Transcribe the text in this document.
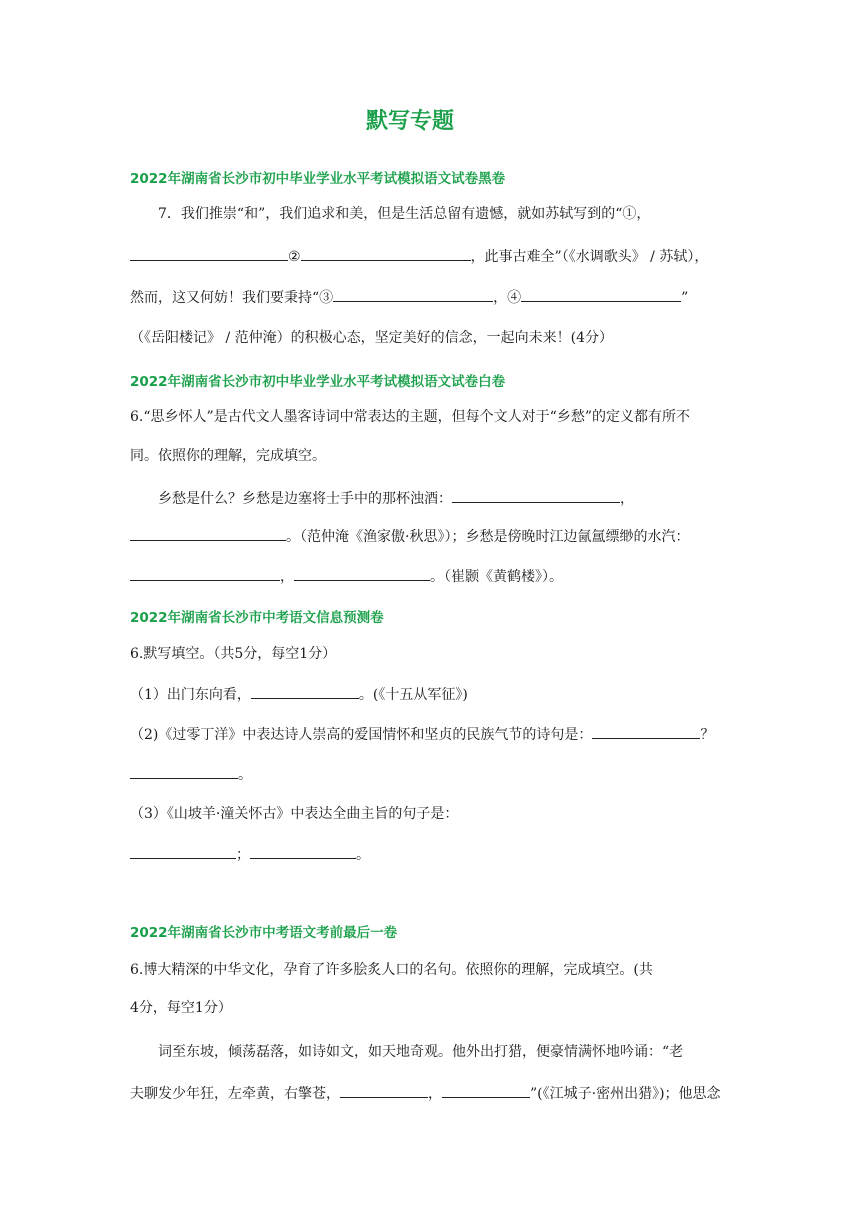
默写专题
2022年湖南省长沙市初中毕业学业水平考试模拟语文试卷黑卷
7．我们推崇“和”，我们追求和美，但是生活总留有遗憾，就如苏轼写到的“①，
②	，此事古难全”（《水调歌头》 / 苏轼），
然而，这又何妨！我们要秉持“③	，④	”
（《岳阳楼记》 / 范仲淹）的积极心态，坚定美好的信念，一起向未来！(4分）
2022年湖南省长沙市初中毕业学业水平考试模拟语文试卷白卷
6.“思乡怀人”是古代文人墨客诗词中常表达的主题，但每个文人对于“乡愁”的定义都有所不
同。依照你的理解，完成填空。
乡愁是什么？乡愁是边塞将士手中的那杯浊酒：	，
。（范仲淹《渔家傲·秋思》）；乡愁是傍晚时江边氤氲缥缈的水汽：
，	。（崔颢《黄鹤楼》）。
2022年湖南省长沙市中考语文信息预测卷
6.默写填空。（共5分，每空1分）
（1）出门东向看，	。(《十五从军征》)
（2)《过零丁洋》中表达诗人崇高的爱国情怀和坚贞的民族气节的诗句是：	？
。
（3）《山坡羊·潼关怀古》中表达全曲主旨的句子是：
；	。
2022年湖南省长沙市中考语文考前最后一卷
6.博大精深的中华文化，孕育了许多脍炙人口的名句。依照你的理解，完成填空。(共
4分，每空1分）
词至东坡，倾荡磊落，如诗如文，如天地奇观。他外出打猎，便豪情满怀地吟诵：“老
夫聊发少年狂，左牵黄，右擎苍，	，	”(《江城子·密州出猎》)；他思念
